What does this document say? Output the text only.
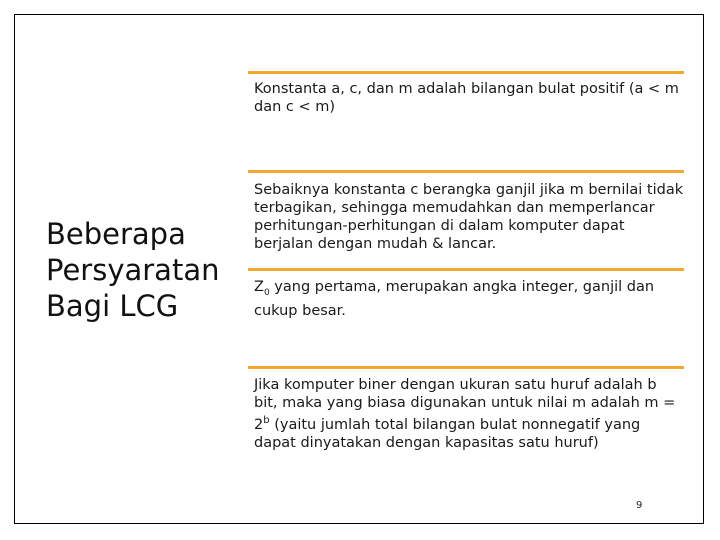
Beberapa Persyaratan Bagi LCG

Konstanta a, c, dan m adalah bilangan bulat positif (a < m dan c < m)

Sebaiknya konstanta c berangka ganjil jika m bernilai tidak terbagikan, sehingga memudahkan dan memperlancar perhitungan-perhitungan di dalam komputer dapat berjalan dengan mudah & lancar.

$Z_0$ yang pertama, merupakan angka integer, ganjil dan cukup besar.

Jika komputer biner dengan ukuran satu huruf adalah b bit, maka yang biasa digunakan untuk nilai m adalah $m = 2^b$ (yaitu jumlah total bilangan bulat nonnegatif yang dapat dinyatakan dengan kapasitas satu huruf)

9
